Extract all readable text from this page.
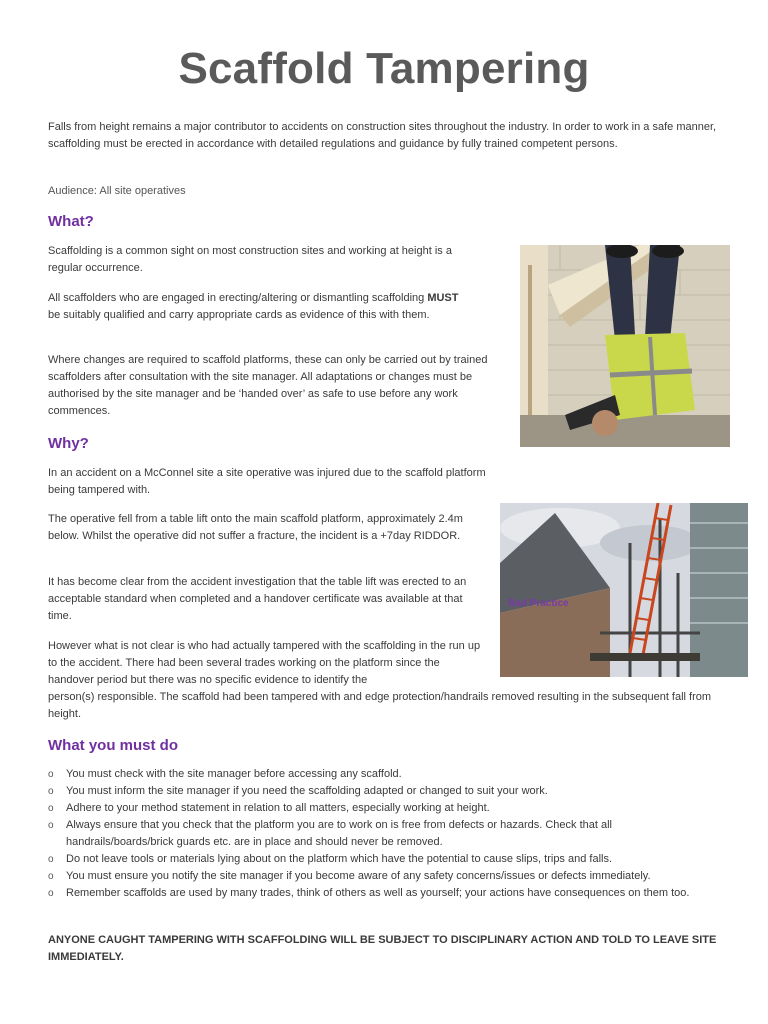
Scaffold Tampering

Falls from height remains a major contributor to accidents on construction sites throughout the industry. In order to work in a safe manner, scaffolding must be erected in accordance with detailed regulations and guidance by fully trained competent persons.

Audience: All site operatives

What?

Scaffolding is a common sight on most construction sites and working at height is a regular occurrence.

All scaffolders who are engaged in erecting/altering or dismantling scaffolding MUST be suitably qualified and carry appropriate cards as evidence of this with them.

Where changes are required to scaffold platforms, these can only be carried out by trained scaffolders after consultation with the site manager. All adaptations or changes must be authorised by the site manager and be ‘handed over’ as safe to use before any work commences.

Why?

In an accident on a McConnel site a site operative was injured due to the scaffold platform being tampered with.

The operative fell from a table lift onto the main scaffold platform, approximately 2.4m below. Whilst the operative did not suffer a fracture, the incident is a +7day RIDDOR.

It has become clear from the accident investigation that the table lift was erected to an acceptable standard when completed and a handover certificate was available at that time.

However what is not clear is who had actually tampered with the scaffolding in the run up to the accident. There had been several trades working on the platform since the handover period but there was no specific evidence to identify the

person(s) responsible. The scaffold had been tampered with and edge protection/handrails removed resulting in the subsequent fall from height.

Bad Practice
What you must do
o You must check with the site manager before accessing any scaffold.
o You must inform the site manager if you need the scaffolding adapted or changed to suit your work.
o Adhere to your method statement in relation to all matters, especially working at height.
o Always ensure that you check that the platform you are to work on is free from defects or hazards. Check that all handrails/boards/brick guards etc. are in place and should never be removed.
o Do not leave tools or materials lying about on the platform which have the potential to cause slips, trips and falls.
o You must ensure you notify the site manager if you become aware of any safety concerns/issues or defects immediately.
o Remember scaffolds are used by many trades, think of others as well as yourself; your actions have consequences on them too.

ANYONE CAUGHT TAMPERING WITH SCAFFOLDING WILL BE SUBJECT TO DISCIPLINARY ACTION AND TOLD TO LEAVE SITE IMMEDIATELY.
